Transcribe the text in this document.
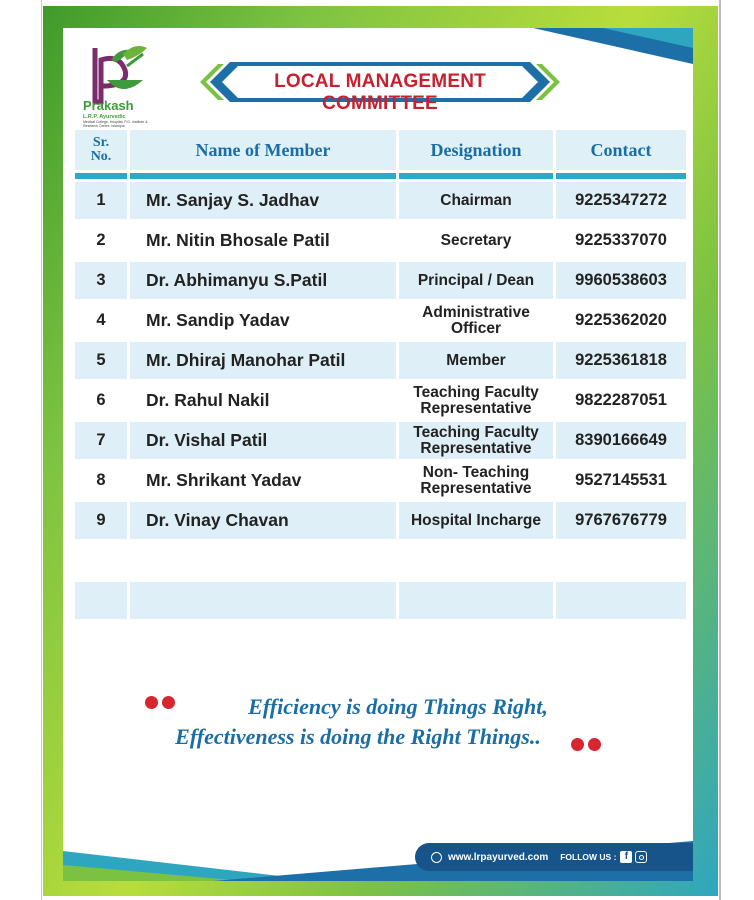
Prakash
L.R.P. Ayurvedic
Medical College, Hospital, P.G. Institute & Research Centre, Islampur
LOCAL MANAGEMENT COMMITTEE
Sr.
No.	Name of Member	Designation	Contact

1	Mr. Sanjay S. Jadhav	Chairman	9225347272
2	Mr. Nitin Bhosale Patil	Secretary	9225337070
3	Dr. Abhimanyu S.Patil	Principal / Dean	9960538603
4	Mr. Sandip Yadav	Administrative Officer	9225362020
5	Mr. Dhiraj Manohar Patil	Member	9225361818
6	Dr. Rahul Nakil	Teaching Faculty Representative	9822287051
7	Dr. Vishal Patil	Teaching Faculty Representative	8390166649
8	Mr. Shrikant Yadav	Non- Teaching Representative	9527145531
9	Dr. Vinay Chavan	Hospital Incharge	9767676779

Efficiency is doing Things Right,
Effectiveness is doing the Right Things..
www.lrpayurved.com FOLLOW US : f
